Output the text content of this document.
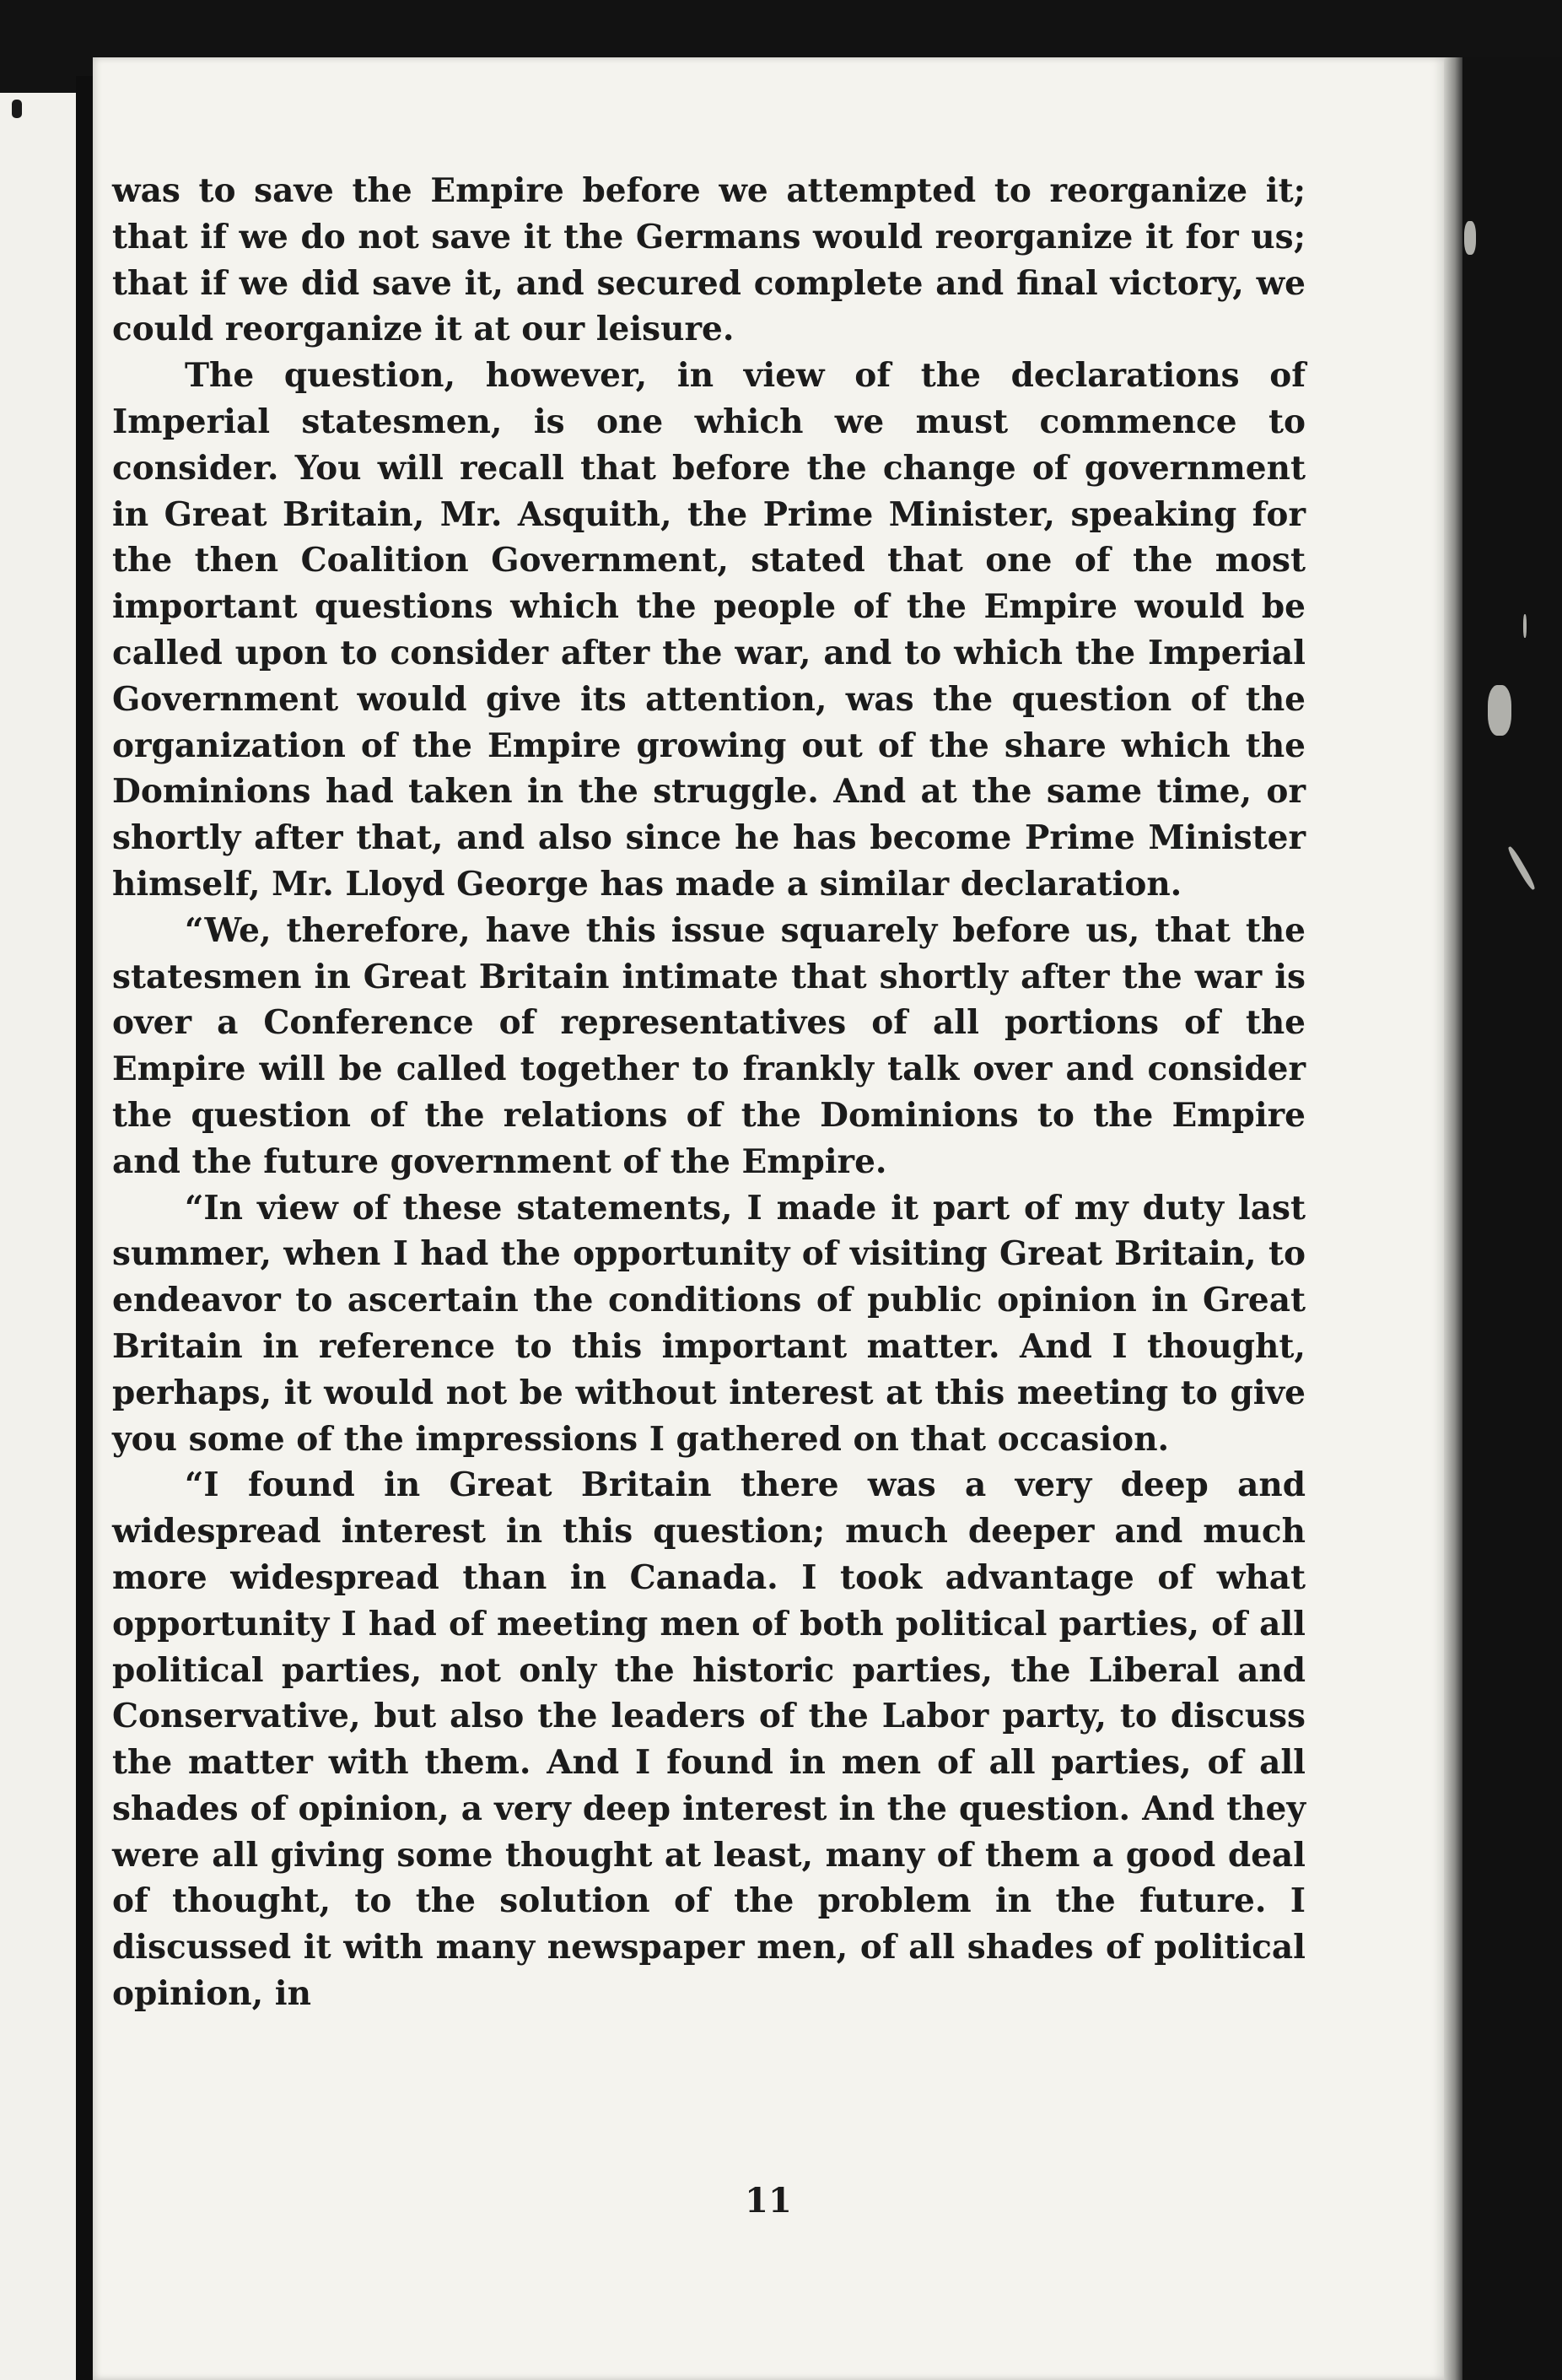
was to save the Empire before we attempted to reorganize it; that if we do not save it the Germans would reorganize it for us; that if we did save it, and secured complete and final victory, we could reorganize it at our leisure.

The question, however, in view of the declarations of Imperial statesmen, is one which we must commence to consider. You will recall that before the change of government in Great Britain, Mr. Asquith, the Prime Minister, speaking for the then Coalition Government, stated that one of the most important questions which the people of the Empire would be called upon to consider after the war, and to which the Imperial Government would give its attention, was the question of the organization of the Empire growing out of the share which the Dominions had taken in the struggle. And at the same time, or shortly after that, and also since he has become Prime Minister himself, Mr. Lloyd George has made a similar declaration.

“We, therefore, have this issue squarely before us, that the statesmen in Great Britain intimate that shortly after the war is over a Conference of representatives of all portions of the Empire will be called together to frankly talk over and consider the question of the relations of the Dominions to the Empire and the future government of the Empire.

“In view of these statements, I made it part of my duty last summer, when I had the opportunity of visiting Great Britain, to endeavor to ascertain the conditions of public opinion in Great Britain in reference to this important matter. And I thought, perhaps, it would not be without interest at this meeting to give you some of the impressions I gathered on that occasion.

“I found in Great Britain there was a very deep and widespread interest in this question; much deeper and much more widespread than in Canada. I took advantage of what opportunity I had of meeting men of both political parties, of all political parties, not only the historic parties, the Liberal and Conservative, but also the leaders of the Labor party, to discuss the matter with them. And I found in men of all parties, of all shades of opinion, a very deep interest in the question. And they were all giving some thought at least, many of them a good deal of thought, to the solution of the problem in the future. I discussed it with many newspaper men, of all shades of political opinion, in

11
